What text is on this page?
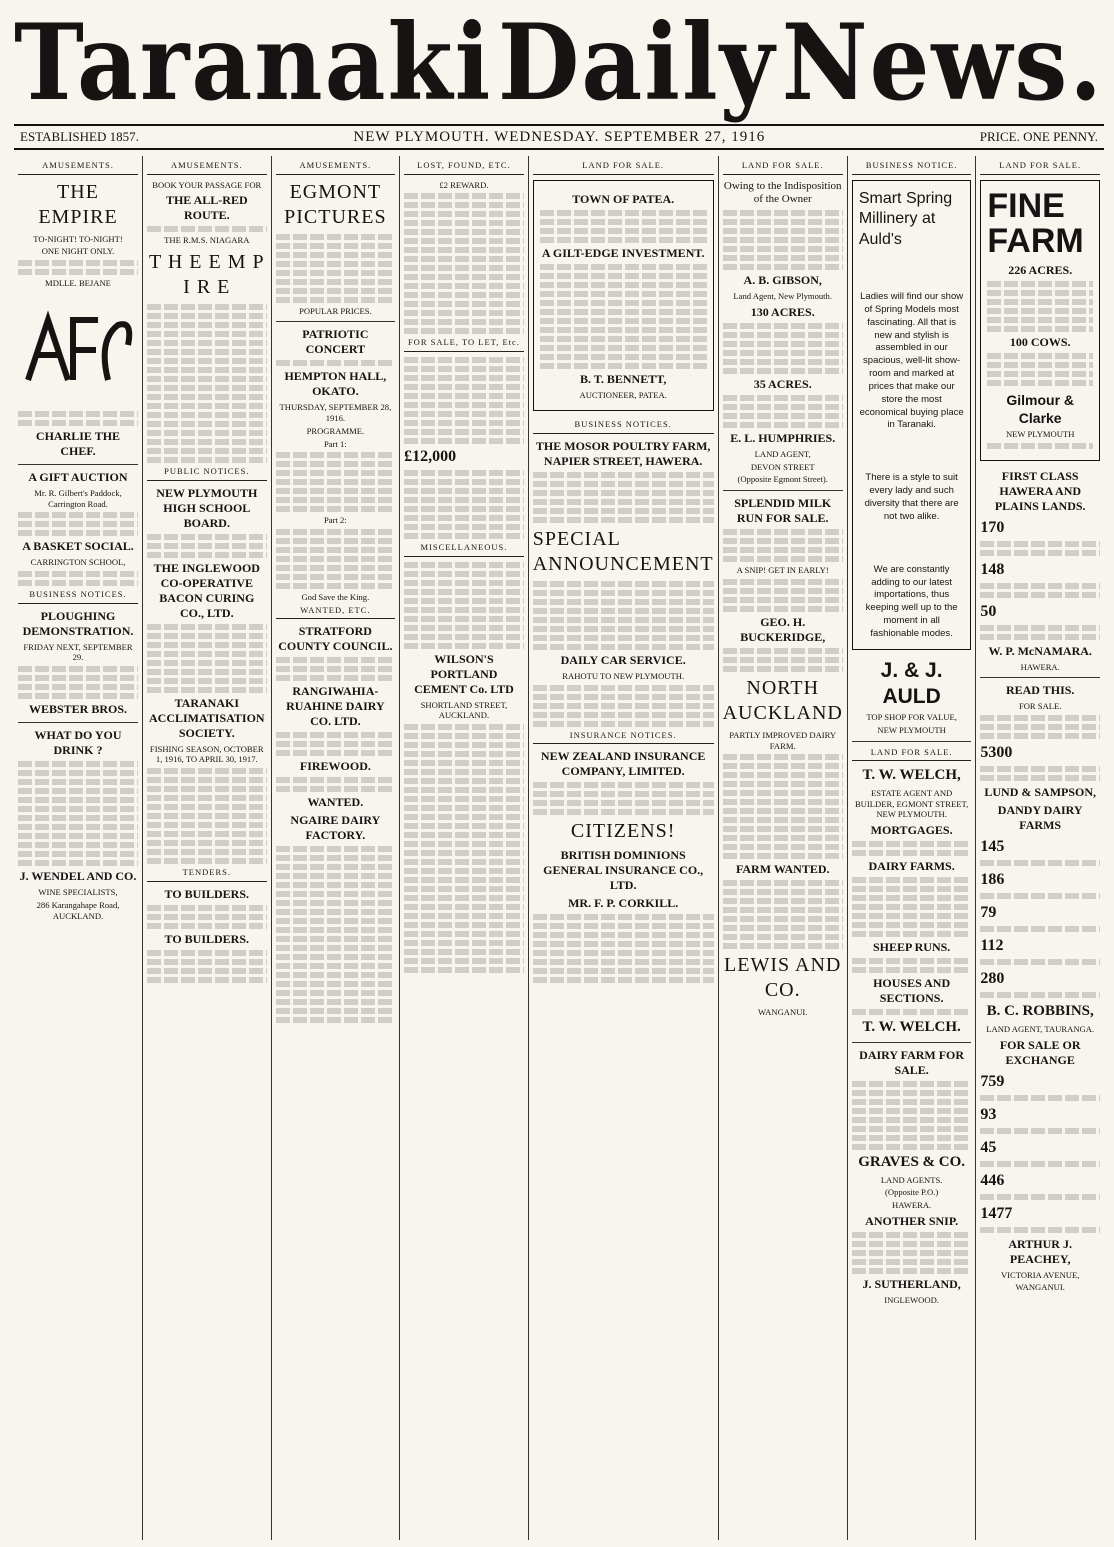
Taranaki Daily News.
ESTABLISHED 1857.	NEW PLYMOUTH. WEDNESDAY. SEPTEMBER 27, 1916	PRICE. ONE PENNY.
AMUSEMENTS.
THE EMPIRE
TO-NIGHT! TO-NIGHT!
ONE NIGHT ONLY.
MDLLE. BEJANE
CHARLIE THE CHEF.
A GIFT AUCTION
Mr. R. Gilbert's Paddock, Carrington Road.
A BASKET SOCIAL.
CARRINGTON SCHOOL,
BUSINESS NOTICES.
PLOUGHING DEMONSTRATION.
FRIDAY NEXT, SEPTEMBER 29.
WEBSTER BROS.
WHAT DO YOU DRINK ?
J. WENDEL AND CO.
WINE SPECIALISTS,
286 Karangahape Road, AUCKLAND.
AMUSEMENTS.
BOOK YOUR PASSAGE FOR
THE ALL-RED ROUTE.
THE R.M.S. NIAGARA
T H E E M P I R E
PUBLIC NOTICES.
NEW PLYMOUTH HIGH SCHOOL BOARD.
THE INGLEWOOD CO-OPERATIVE BACON CURING CO., LTD.
TARANAKI ACCLIMATISATION SOCIETY.
FISHING SEASON, OCTOBER 1, 1916, TO APRIL 30, 1917.
TENDERS.
TO BUILDERS.
TO BUILDERS.
AMUSEMENTS.
EGMONT PICTURES
POPULAR PRICES.
PATRIOTIC CONCERT
HEMPTON HALL, OKATO.
THURSDAY, SEPTEMBER 28, 1916.
PROGRAMME.
Part 1:
Part 2:
God Save the King.
WANTED, ETC.
STRATFORD COUNTY COUNCIL.
RANGIWAHIA-RUAHINE DAIRY CO. LTD.
FIREWOOD.
WANTED.
NGAIRE DAIRY FACTORY.
LOST, FOUND, ETC.
£2 REWARD.
FOR SALE, TO LET, Etc.
£12,000
MISCELLANEOUS.
WILSON'S PORTLAND CEMENT Co. LTD
SHORTLAND STREET, AUCKLAND.
LAND FOR SALE.
TOWN OF PATEA.
A GILT-EDGE INVESTMENT.
B. T. BENNETT,
AUCTIONEER, PATEA.
BUSINESS NOTICES.
THE MOSOR POULTRY FARM, NAPIER STREET, HAWERA.
SPECIAL ANNOUNCEMENT
DAILY CAR SERVICE.
RAHOTU TO NEW PLYMOUTH.
INSURANCE NOTICES.
NEW ZEALAND INSURANCE COMPANY, LIMITED.
CITIZENS!
BRITISH DOMINIONS GENERAL INSURANCE CO., LTD.
MR. F. P. CORKILL.
LAND FOR SALE.
Owing to the Indisposition of the Owner
A. B. GIBSON,
Land Agent, New Plymouth.
130 ACRES.
35 ACRES.
E. L. HUMPHRIES.
LAND AGENT,
DEVON STREET
(Opposite Egmont Street).
SPLENDID MILK RUN FOR SALE.
A SNIP! GET IN EARLY!
GEO. H. BUCKERIDGE,
NORTH AUCKLAND
PARTLY IMPROVED DAIRY FARM.
FARM WANTED.
LEWIS AND CO.
WANGANUI.
BUSINESS NOTICE.
Smart Spring Millinery at Auld's
Ladies will find our show of Spring Models most fascinating. All that is new and stylish is assembled in our spacious, well-lit show-room and marked at prices that make our store the most economical buying place in Taranaki.
There is a style to suit every lady and such diversity that there are not two alike.
We are constantly adding to our latest importations, thus keeping well up to the moment in all fashionable modes.
J. & J. AULD
TOP SHOP FOR VALUE,
NEW PLYMOUTH
LAND FOR SALE.
T. W. WELCH,
ESTATE AGENT AND BUILDER, EGMONT STREET, NEW PLYMOUTH.
MORTGAGES.
DAIRY FARMS.
SHEEP RUNS.
HOUSES AND SECTIONS.
T. W. WELCH.
DAIRY FARM FOR SALE.
GRAVES & CO.
LAND AGENTS.
(Opposite P.O.)
HAWERA.
ANOTHER SNIP.
J. SUTHERLAND,
INGLEWOOD.
LAND FOR SALE.
FINE FARM
226 ACRES.
100 COWS.
Gilmour & Clarke
NEW PLYMOUTH
FIRST CLASS HAWERA AND PLAINS LANDS.
170
148
50
W. P. McNAMARA.
HAWERA.
READ THIS.
FOR SALE.
5300
LUND & SAMPSON,
DANDY DAIRY FARMS
145
186
79
112
280
B. C. ROBBINS,
LAND AGENT, TAURANGA.
FOR SALE OR EXCHANGE
759
93
45
446
1477
ARTHUR J. PEACHEY,
VICTORIA AVENUE,
WANGANUI.
